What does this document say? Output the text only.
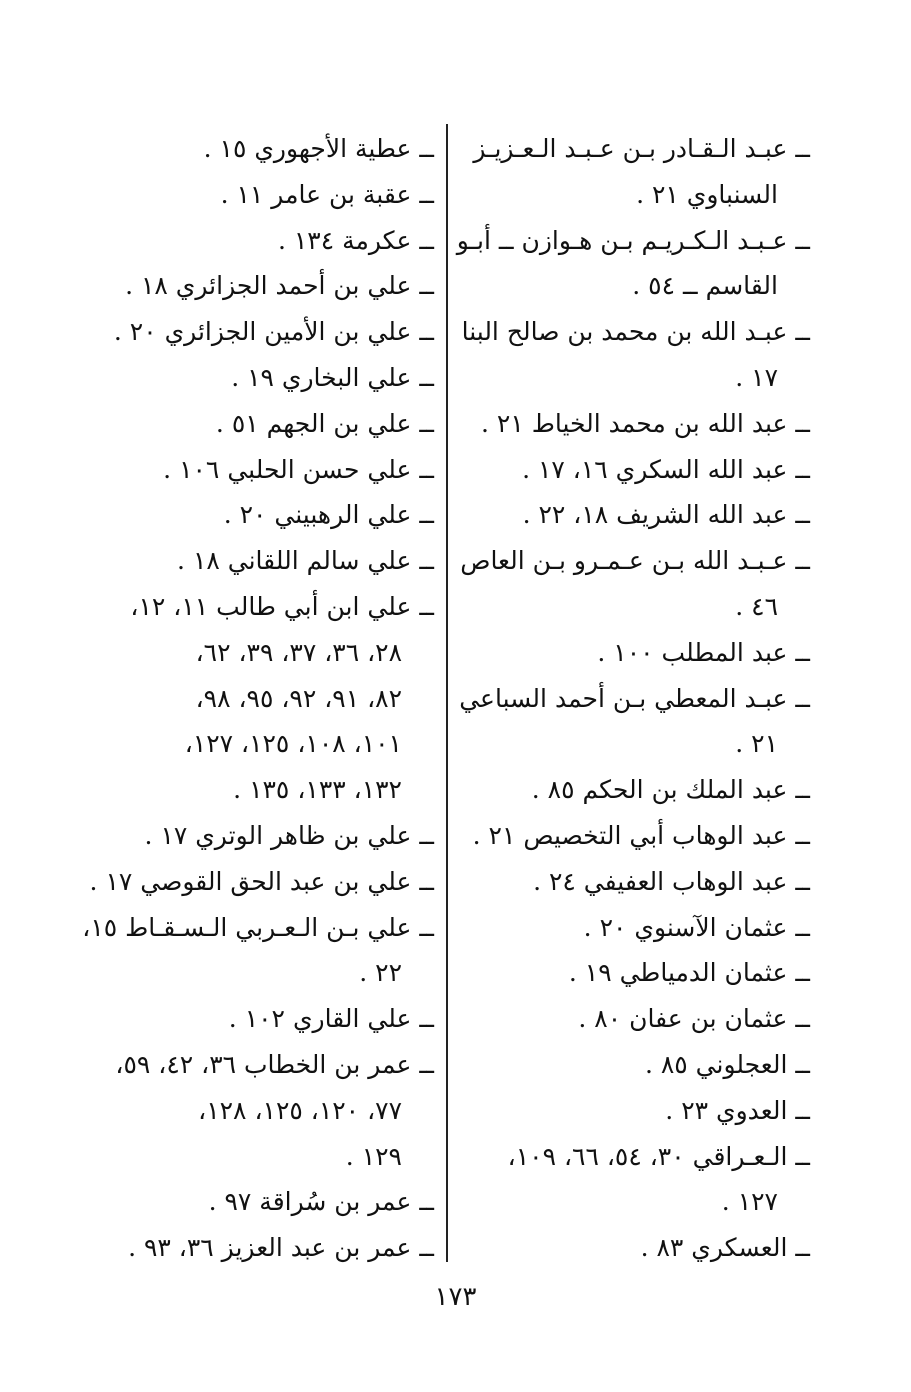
ــ عبـد الـقـادر بـن عـبـد الـعـزيـز
السنباوي ٢١ .
ــ عـبـد الـكـريـم بـن هـوازن ــ أبـو
القاسم ــ ٥٤ .
ــ عبـد الله بن محمد بن صالح البنا
١٧ .
ــ عبد الله بن محمد الخياط ٢١ .
ــ عبد الله السكري ١٦، ١٧ .
ــ عبد الله الشريف ١٨، ٢٢ .
ــ عـبـد الله بـن عـمـرو بـن العاص
٤٦ .
ــ عبد المطلب ١٠٠ .
ــ عبـد المعطي بـن أحمد السباعي
٢١ .
ــ عبد الملك بن الحكم ٨٥ .
ــ عبد الوهاب أبي التخصيص ٢١ .
ــ عبد الوهاب العفيفي ٢٤ .
ــ عثمان الآسنوي ٢٠ .
ــ عثمان الدمياطي ١٩ .
ــ عثمان بن عفان ٨٠ .
ــ العجلوني ٨٥ .
ــ العدوي ٢٣ .
ــ الـعـراقي ٣٠، ٥٤، ٦٦، ١٠٩،
١٢٧ .
ــ العسكري ٨٣ .
ــ عطية الأجهوري ١٥ .
ــ عقبة بن عامر ١١ .
ــ عكرمة ١٣٤ .
ــ علي بن أحمد الجزائري ١٨ .
ــ علي بن الأمين الجزائري ٢٠ .
ــ علي البخاري ١٩ .
ــ علي بن الجهم ٥١ .
ــ علي حسن الحلبي ١٠٦ .
ــ علي الرهبيني ٢٠ .
ــ علي سالم اللقاني ١٨ .
ــ علي ابن أبي طالب ١١، ١٢،
٢٨، ٣٦، ٣٧، ٣٩، ٦٢،
٨٢، ٩١، ٩٢، ٩٥، ٩٨،
١٠١، ١٠٨، ١٢٥، ١٢٧،
١٣٢، ١٣٣، ١٣٥ .
ــ علي بن ظاهر الوتري ١٧ .
ــ علي بن عبد الحق القوصي ١٧ .
ــ علي بـن الـعـربي الـسـقـاط ١٥،
٢٢ .
ــ علي القاري ١٠٢ .
ــ عمر بن الخطاب ٣٦، ٤٢، ٥٩،
٧٧، ١٢٠، ١٢٥، ١٢٨،
١٢٩ .
ــ عمر بن سُراقة ٩٧ .
ــ عمر بن عبد العزيز ٣٦، ٩٣ .
١٧٣
